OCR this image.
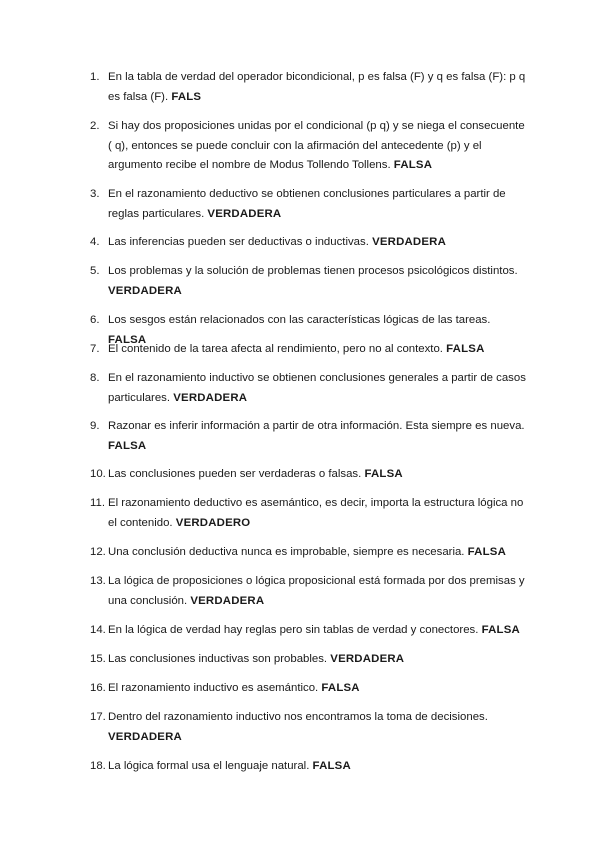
1. En la tabla de verdad del operador bicondicional, p es falsa (F) y q es falsa (F): p q es falsa (F). FALS
2. Si hay dos proposiciones unidas por el condicional (p q) y se niega el consecuente ( q), entonces se puede concluir con la afirmación del antecedente (p) y el argumento recibe el nombre de Modus Tollendo Tollens. FALSA
3. En el razonamiento deductivo se obtienen conclusiones particulares a partir de reglas particulares. VERDADERA
4. Las inferencias pueden ser deductivas o inductivas. VERDADERA
5. Los problemas y la solución de problemas tienen procesos psicológicos distintos. VERDADERA
6. Los sesgos están relacionados con las características lógicas de las tareas. FALSA
7. El contenido de la tarea afecta al rendimiento, pero no al contexto. FALSA
8. En el razonamiento inductivo se obtienen conclusiones generales a partir de casos particulares. VERDADERA
9. Razonar es inferir información a partir de otra información. Esta siempre es nueva. FALSA
10. Las conclusiones pueden ser verdaderas o falsas. FALSA
11. El razonamiento deductivo es asemántico, es decir, importa la estructura lógica no el contenido. VERDADERO
12. Una conclusión deductiva nunca es improbable, siempre es necesaria. FALSA
13. La lógica de proposiciones o lógica proposicional está formada por dos premisas y una conclusión. VERDADERA
14. En la lógica de verdad hay reglas pero sin tablas de verdad y conectores. FALSA
15. Las conclusiones inductivas son probables. VERDADERA
16. El razonamiento inductivo es asemántico. FALSA
17. Dentro del razonamiento inductivo nos encontramos la toma de decisiones. VERDADERA
18. La lógica formal usa el lenguaje natural. FALSA
